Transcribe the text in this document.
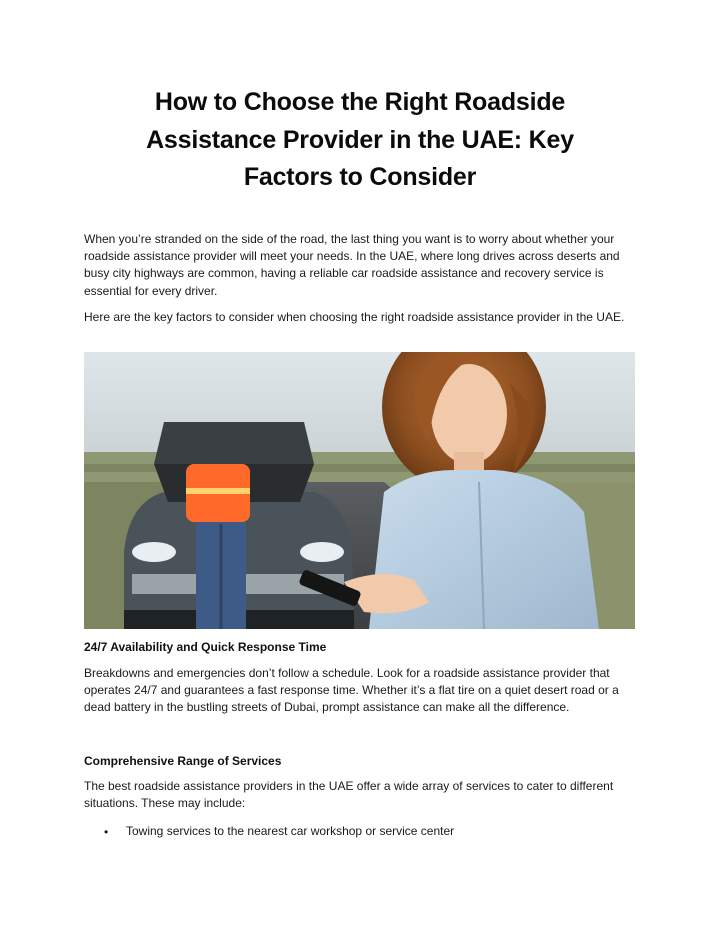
How to Choose the Right Roadside Assistance Provider in the UAE: Key Factors to Consider

When you’re stranded on the side of the road, the last thing you want is to worry about whether your roadside assistance provider will meet your needs. In the UAE, where long drives across deserts and busy city highways are common, having a reliable car roadside assistance and recovery service is essential for every driver.

Here are the key factors to consider when choosing the right roadside assistance provider in the UAE.

24/7 Availability and Quick Response Time

Breakdowns and emergencies don’t follow a schedule. Look for a roadside assistance provider that operates 24/7 and guarantees a fast response time. Whether it’s a flat tire on a quiet desert road or a dead battery in the bustling streets of Dubai, prompt assistance can make all the difference.

Comprehensive Range of Services

The best roadside assistance providers in the UAE offer a wide array of services to cater to different situations. These may include:

• Towing services to the nearest car workshop or service center
